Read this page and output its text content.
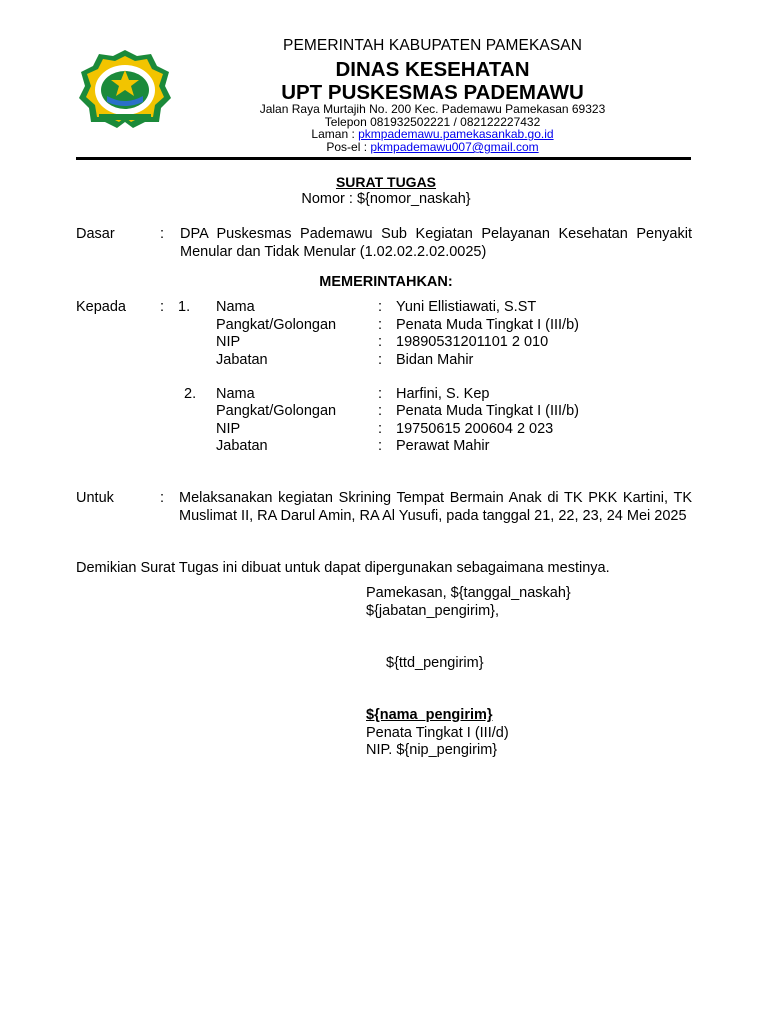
PEMERINTAH KABUPATEN PAMEKASAN
DINAS KESEHATAN
UPT PUSKESMAS PADEMAWU
Jalan Raya Murtajih No. 200 Kec. Pademawu Pamekasan 69323
Telepon 081932502221 / 082122227432
Laman : pkmpademawu.pamekasankab.go.id
Pos-el : pkmpademawu007@gmail.com
SURAT TUGAS
Nomor : ${nomor_naskah}
Dasar	: DPA Puskesmas Pademawu Sub Kegiatan Pelayanan Kesehatan Penyakit Menular dan Tidak Menular (1.02.02.2.02.0025)
MEMERINTAHKAN:
Kepada : 1. Nama	: Yuni Ellistiawati, S.ST
Pangkat/Golongan	: Penata Muda Tingkat I (III/b)
NIP	: 19890531201101 2 010
Jabatan	: Bidan Mahir
2. Nama	: Harfini, S. Kep
Pangkat/Golongan	: Penata Muda Tingkat I (III/b)
NIP	: 19750615 200604 2 023
Jabatan	: Perawat Mahir
Untuk	: Melaksanakan kegiatan Skrining Tempat Bermain Anak di TK PKK Kartini, TK Muslimat II, RA Darul Amin, RA Al Yusufi, pada tanggal 21, 22, 23, 24 Mei 2025
Demikian Surat Tugas ini dibuat untuk dapat dipergunakan sebagaimana mestinya.
Pamekasan, ${tanggal_naskah}
${jabatan_pengirim},
${ttd_pengirim}
${nama_pengirim}
Penata Tingkat I (III/d)
NIP. ${nip_pengirim}
